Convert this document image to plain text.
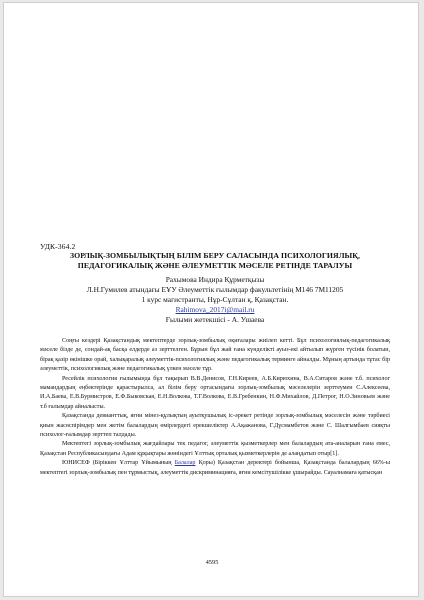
УДК-364.2
ЗОРЛЫҚ-ЗОМБЫЛЫҚТЫҢ БІЛІМ БЕРУ САЛАСЫНДА ПСИХОЛОГИЯЛЫҚ,
ПЕДАГОГИКАЛЫҚ ЖӘНЕ ӘЛЕУМЕТТІК МӘСЕЛЕ РЕТІНДЕ ТАРАЛУЫ
Рахымова Индира Құрметқызы
Л.Н.Гумилев атындағы ЕҰУ Әлеуметтік ғылымдар факультетінің М146 7М11205
1 курс магистранты, Нұр-Сұлтан қ, Қазақстан.
Rahimova_2017i@mail.ru
Ғылыми жетекшісі - А. Ушаева

Соңғы кездері Қазақстандық мектептерде зорлық-зомбылық оқиғалары жиілеп кетті. Бұл психологиялық-педагогикалық мәселе біздe де, сондай-ақ басқа елдерде аз зерттелген. Бұрын бұл жай ғана күнделікті ауыз-екі айтылып жүрген түсінік болатын, бірақ қазір өкінішке орай, халықаралық әлеуметтік-психологиялық және педагогикалық терминге айналды. Мұның артында тұтас бір әлеуметтік, психологиялық және педагогикалық үлкен мәселе тұр.

Ресейлік психология ғылымында бұл тақырып В.В.Денисов, Г.Н.Киреев, А.Б.Кирюхина, В.А.Ситаров және т.б. психолог мамандардың еңбектерінде қарастырылса, ал білім беру ортасындағы зорлық-зомбылық мәселелерін зерттеумен С.Алексеева, И.А.Баева, Е.В.Бурмистров, Е.Ф.Быковская, Е.Н.Волкова, Т.Г.Волкова, Е.В.Гребенкин, Н.Ф.Михайлов, Д.Петрог, Н.О.Зиновьев және т.б ғалымдар айналысты.

Қазақстанда девианттық, яғни мінез-құлықтың ауытқушылық іс-әрекет ретінде зорлық-зомбылық мәселесін және тәрбиесі қиын жасөспірімдер мен жетім балалардың өмірлердегі ерекшеліктер А.Ақажанова, Г.Дүсмамбетов және С. Шалгымбаев сияқты психолог-ғалымдар зерттеп талдады.

Мектептегі зорлық-зомбылық жағдайлары тек педагог, әлеуметтік қызметкерлер мен балалардың ата-аналарын ғана емес, Қазақстан Республикасындағы Адам құқықтары жөніндегі Ұлттық орталық қызметкерлерін де алаңдатып отыр[1].

ЮНИСЕФ (Біріккен Ұлттар Ұйымының Балалар Қоры) Қазақстан деректері бойынша, Қазақстанда балалардың 66%-ы мектептегі зорлық-зомбылық пен тұрмыстық, әлеуметтік дискриминацияға, яғни кемсітушілікке ұшырайды. Сауалнамаға қатысқан

4595
